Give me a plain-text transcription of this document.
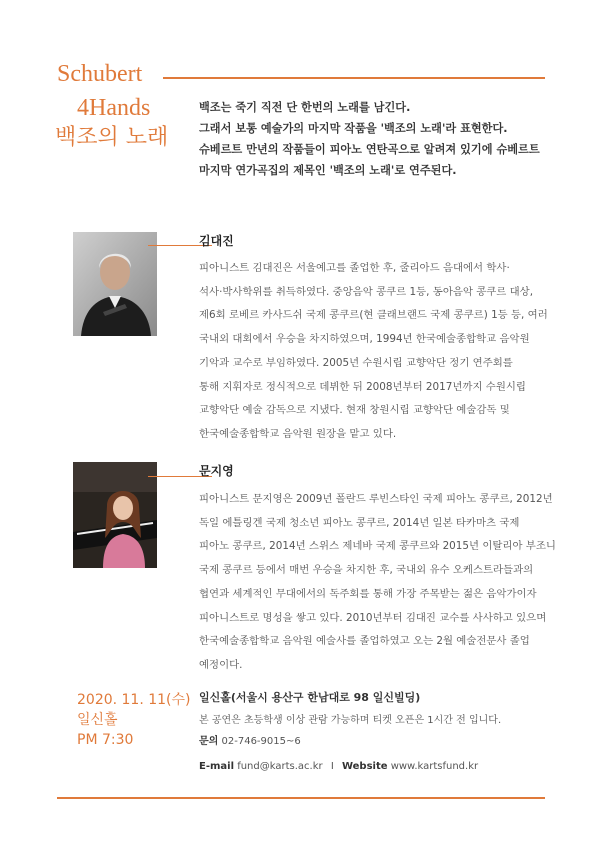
Schubert
4Hands
백조의 노래

백조는 죽기 직전 단 한번의 노래를 남긴다.

그래서 보통 예술가의 마지막 작품을 '백조의 노래'라 표현한다.

슈베르트 만년의 작품들이 피아노 연탄곡으로 알려져 있기에 슈베르트

마지막 연가곡집의 제목인 '백조의 노래'로 연주된다.

김대진

피아니스트 김대진은 서울예고를 졸업한 후, 줄리아드 음대에서 학사·

석사·박사학위를 취득하였다. 중앙음악 콩쿠르 1등, 동아음악 콩쿠르 대상,

제6회 로베르 카사드쉬 국제 콩쿠르(현 클래브랜드 국제 콩쿠르) 1등 등, 여러

국내외 대회에서 우승을 차지하였으며, 1994년 한국예술종합학교 음악원

기악과 교수로 부임하였다. 2005년 수원시립 교향악단 정기 연주회를

통해 지휘자로 정식적으로 데뷔한 뒤 2008년부터 2017년까지 수원시립

교향악단 예술 감독으로 지냈다. 현재 창원시립 교향악단 예술감독 및

한국예술종합학교 음악원 원장을 맡고 있다.

문지영

피아니스트 문지영은 2009년 폴란드 루빈스타인 국제 피아노 콩쿠르, 2012년

독일 에틀링겐 국제 청소년 피아노 콩쿠르, 2014년 일본 타카마츠 국제

피아노 콩쿠르, 2014년 스위스 제네바 국제 콩쿠르와 2015년 이탈리아 부조니

국제 콩쿠르 등에서 매번 우승을 차지한 후, 국내외 유수 오케스트라들과의

협연과 세계적인 무대에서의 독주회를 통해 가장 주목받는 젊은 음악가이자

피아니스트로 명성을 쌓고 있다. 2010년부터 김대진 교수를 사사하고 있으며

한국예술종합학교 음악원 예술사를 졸업하였고 오는 2월 예술전문사 졸업

예정이다.

2020. 11. 11(수)

일신홀

PM 7:30

일신홀(서울시 용산구 한남대로 98 일신빌딩)

본 공연은 초등학생 이상 관람 가능하며 티켓 오픈은 1시간 전 입니다.

문의 02-746-9015~6

E-mail fund@karts.ac.kr I Website www.kartsfund.kr
